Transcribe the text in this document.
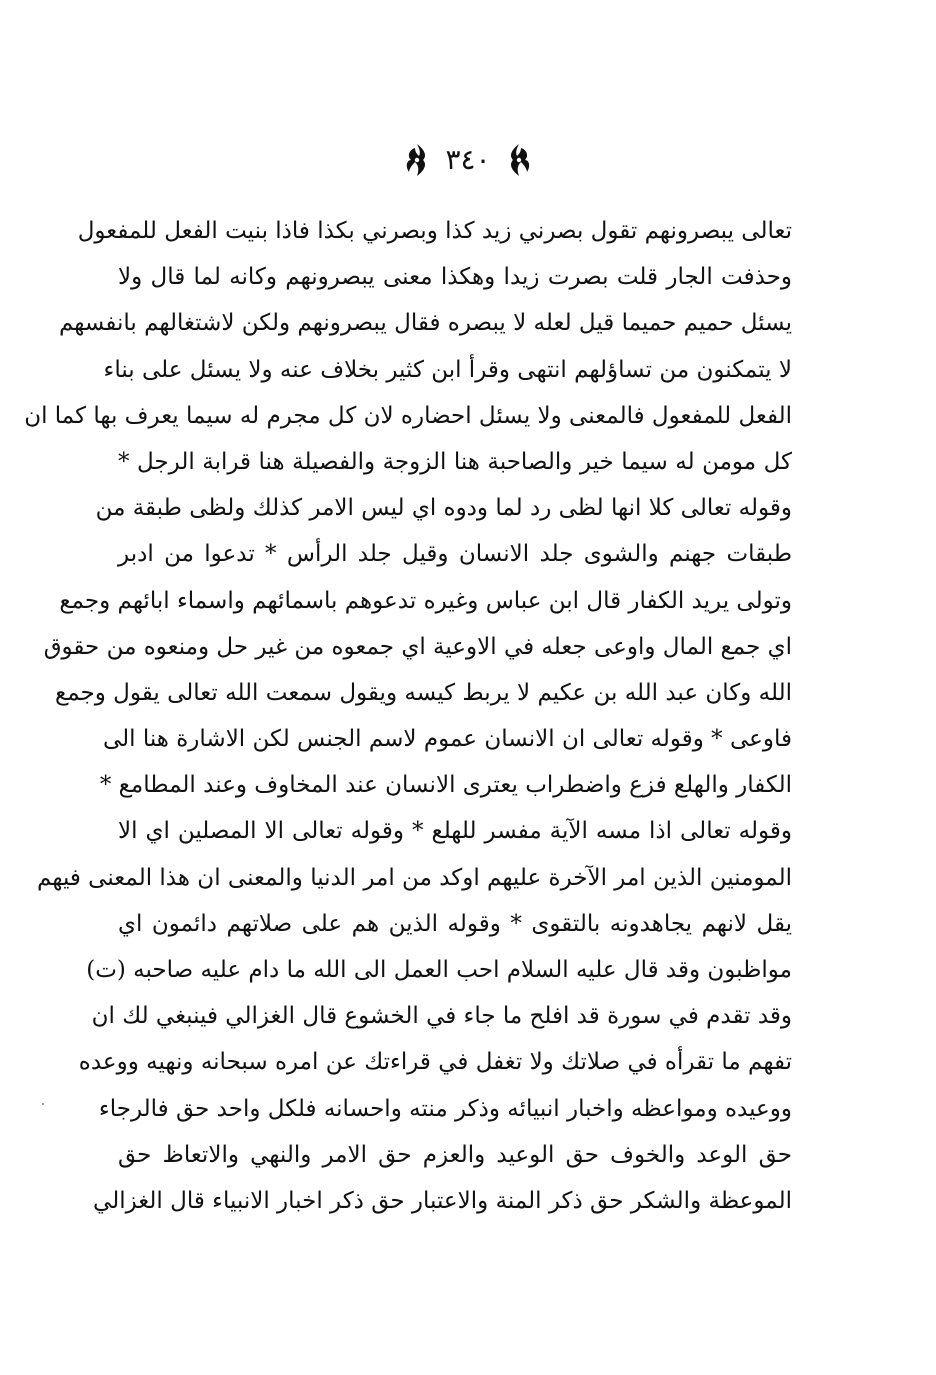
٣٤٠
تعالى يبصرونهم تقول بصرني زيد كذا وبصرني بكذا فاذا بنيت الفعل للمفعول
وحذفت الجار قلت بصرت زيدا وهكذا معنى يبصرونهم وكانه لما قال ولا
يسئل حميم حميما قيل لعله لا يبصره فقال يبصرونهم ولكن لاشتغالهم بانفسهم
لا يتمكنون من تساؤلهم انتهى وقرأ ابن كثير بخلاف عنه ولا يسئل على بناء
الفعل للمفعول فالمعنى ولا يسئل احضاره لان كل مجرم له سيما يعرف بها كما ان
كل مومن له سيما خير والصاحبة هنا الزوجة والفصيلة هنا قرابة الرجل *
وقوله تعالى كلا انها لظى رد لما ودوه اي ليس الامر كذلك ولظى طبقة من
طبقات جهنم والشوى جلد الانسان وقيل جلد الرأس * تدعوا من ادبر
وتولى يريد الكفار قال ابن عباس وغيره تدعوهم باسمائهم واسماء ابائهم وجمع
اي جمع المال واوعى جعله في الاوعية اي جمعوه من غير حل ومنعوه من حقوق
الله وكان عبد الله بن عكيم لا يربط كيسه ويقول سمعت الله تعالى يقول وجمع
فاوعى * وقوله تعالى ان الانسان عموم لاسم الجنس لكن الاشارة هنا الى
الكفار والهلع فزع واضطراب يعترى الانسان عند المخاوف وعند المطامع *
وقوله تعالى اذا مسه الآية مفسر للهلع * وقوله تعالى الا المصلين اي الا
المومنين الذين امر الآخرة عليهم اوكد من امر الدنيا والمعنى ان هذا المعنى فيهم
يقل لانهم يجاهدونه بالتقوى * وقوله الذين هم على صلاتهم دائمون اي
مواظبون وقد قال عليه السلام احب العمل الى الله ما دام عليه صاحبه (ت)
وقد تقدم في سورة قد افلح ما جاء في الخشوع قال الغزالي فينبغي لك ان
تفهم ما تقرأه في صلاتك ولا تغفل في قراءتك عن امره سبحانه ونهيه ووعده
ووعيده ومواعظه واخبار انبيائه وذكر منته واحسانه فلكل واحد حق فالرجاء
حق الوعد والخوف حق الوعيد والعزم حق الامر والنهي والاتعاظ حق
الموعظة والشكر حق ذكر المنة والاعتبار حق ذكر اخبار الانبياء قال الغزالي
